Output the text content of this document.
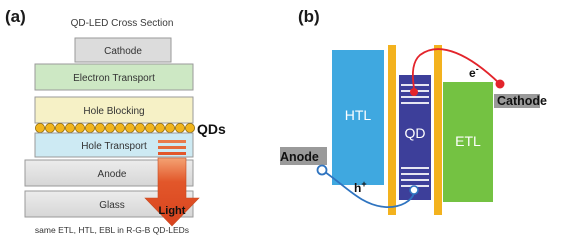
(a)	QD-LED Cross Section
Cathode
Electron Transport
Hole Blocking
QDs
Hole Transport
Anode
Glass	Light
same ETL, HTL, EBL in R-G-B QD-LEDs
(b)
HTL
QD ETL
Cathode
Anode
e-
h+
